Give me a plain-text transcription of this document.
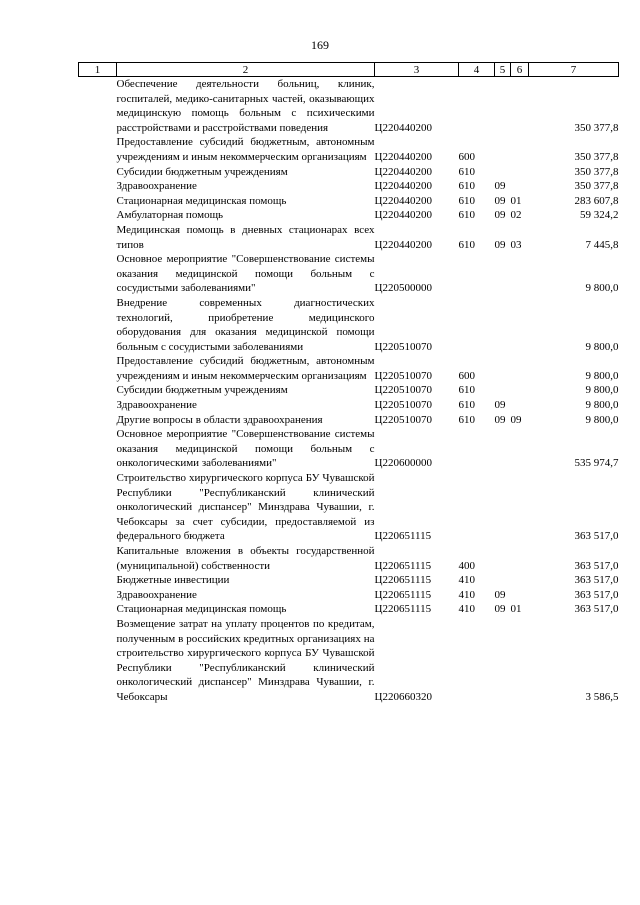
169
1	2	3	4	5	6	7
	Обеспечение деятельности больниц, клиник, госпиталей, медико-санитарных частей, оказывающих медицинскую помощь больным с психическими расстройствами и расстройствами поведения	Ц220440200				350 377,8
	Предоставление субсидий бюджетным, автономным учреждениям и иным некоммерческим организациям	Ц220440200	600			350 377,8
	Субсидии бюджетным учреждениям	Ц220440200	610			350 377,8
	Здравоохранение	Ц220440200	610	09		350 377,8
	Стационарная медицинская помощь	Ц220440200	610	09	01	283 607,8
	Амбулаторная помощь	Ц220440200	610	09	02	59 324,2
	Медицинская помощь в дневных стационарах всех типов	Ц220440200	610	09	03	7 445,8
	Основное мероприятие "Совершенствование системы оказания медицинской помощи больным с сосудистыми заболеваниями"	Ц220500000				9 800,0
	Внедрение современных диагностических технологий, приобретение медицинского оборудования для оказания медицинской помощи больным с сосудистыми заболеваниями	Ц220510070				9 800,0
	Предоставление субсидий бюджетным, автономным учреждениям и иным некоммерческим организациям	Ц220510070	600			9 800,0
	Субсидии бюджетным учреждениям	Ц220510070	610			9 800,0
	Здравоохранение	Ц220510070	610	09		9 800,0
	Другие вопросы в области здравоохранения	Ц220510070	610	09	09	9 800,0
	Основное мероприятие "Совершенствование системы оказания медицинской помощи больным с онкологическими заболеваниями"	Ц220600000				535 974,7
	Строительство хирургического корпуса БУ Чувашской Республики "Республиканский клинический онкологический диспансер" Минздрава Чувашии, г. Чебоксары за счет субсидии, предоставляемой из федерального бюджета	Ц220651115				363 517,0
	Капитальные вложения в объекты государственной (муниципальной) собственности	Ц220651115	400			363 517,0
	Бюджетные инвестиции	Ц220651115	410			363 517,0
	Здравоохранение	Ц220651115	410	09		363 517,0
	Стационарная медицинская помощь	Ц220651115	410	09	01	363 517,0
	Возмещение затрат на уплату процентов по кредитам, полученным в российских кредитных организациях на строительство хирургического корпуса БУ Чувашской Республики "Республиканский клинический онкологический диспансер" Минздрава Чувашии, г. Чебоксары	Ц220660320				3 586,5
